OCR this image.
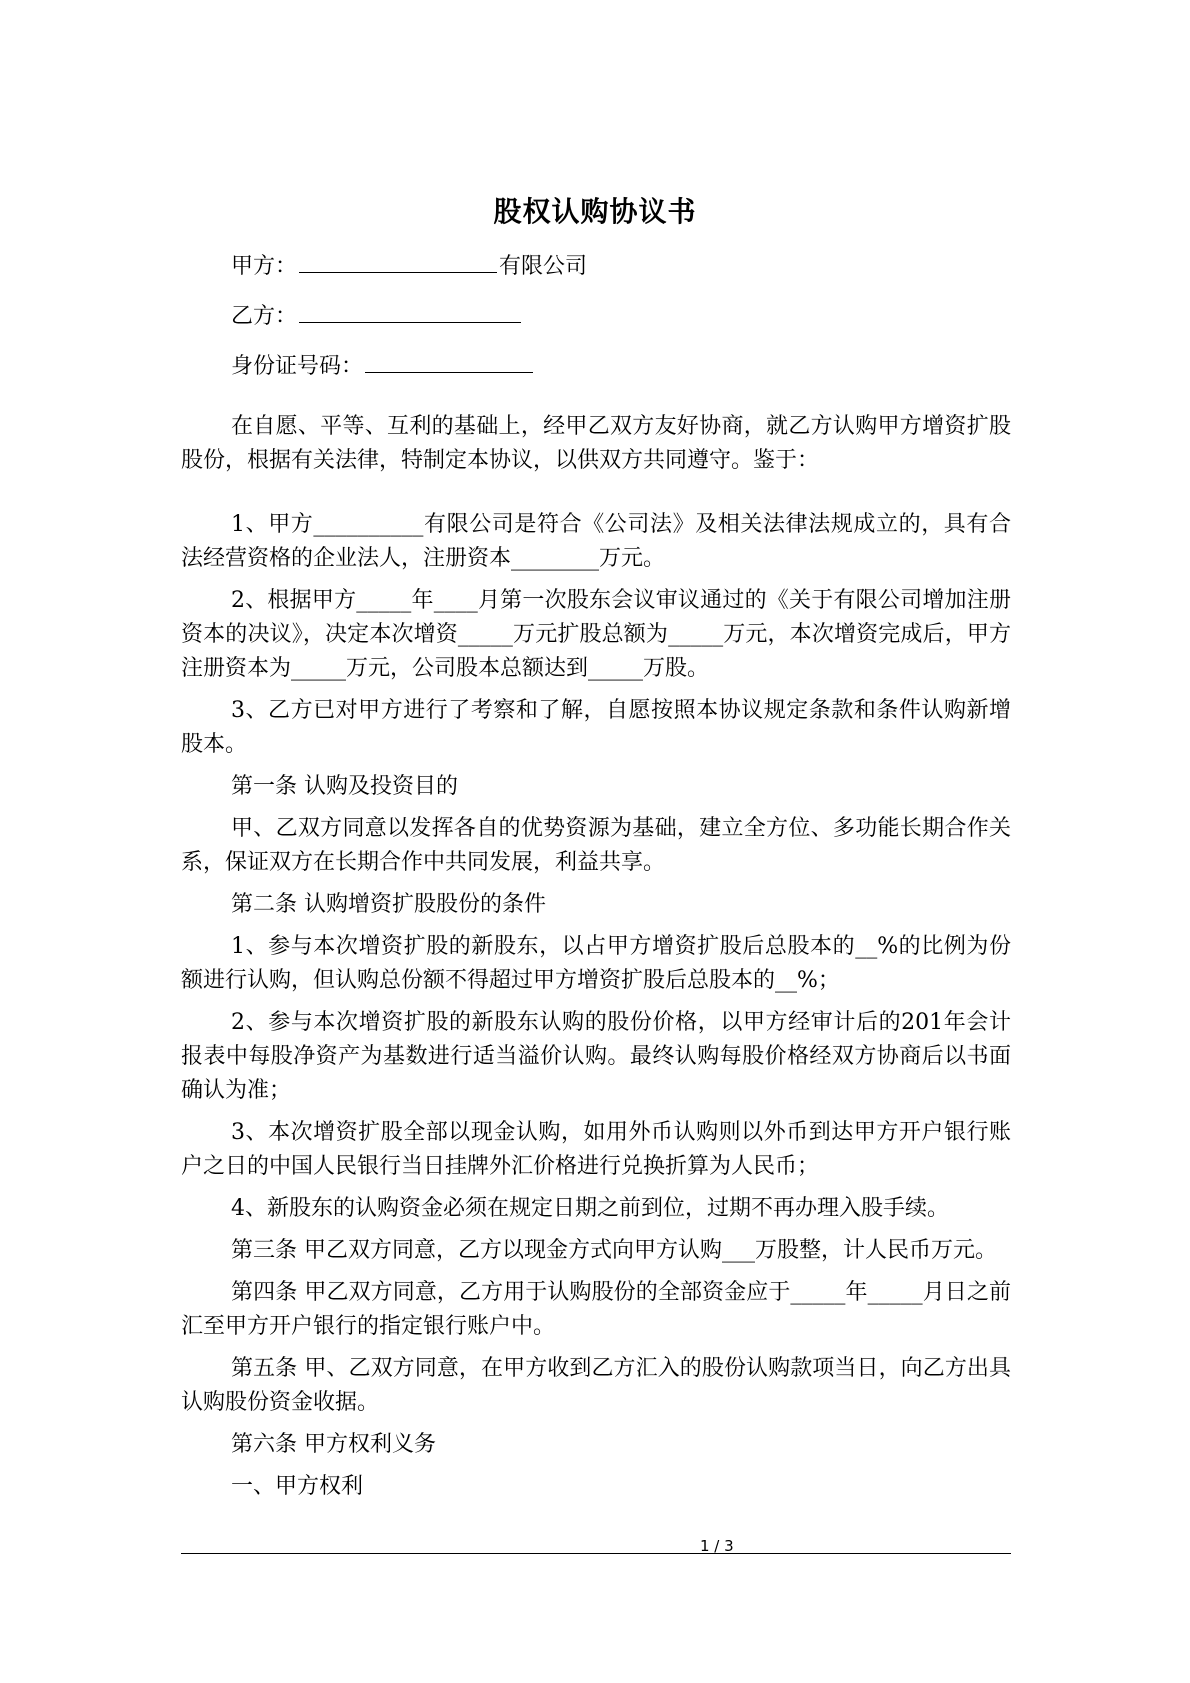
股权认购协议书
甲方：	有限公司
乙方：
身份证号码：

在自愿、平等、互利的基础上，经甲乙双方友好协商，就乙方认购甲方增资扩股股份，根据有关法律，特制定本协议，以供双方共同遵守。鉴于：

1、甲方__________有限公司是符合《公司法》及相关法律法规成立的，具有合法经营资格的企业法人，注册资本________万元。

2、根据甲方_____年____月第一次股东会议审议通过的《关于有限公司增加注册资本的决议》，决定本次增资_____万元扩股总额为_____万元，本次增资完成后，甲方注册资本为_____万元，公司股本总额达到_____万股。

3、乙方已对甲方进行了考察和了解，自愿按照本协议规定条款和条件认购新增股本。

第一条 认购及投资目的

甲、乙双方同意以发挥各自的优势资源为基础，建立全方位、多功能长期合作关系，保证双方在长期合作中共同发展，利益共享。

第二条 认购增资扩股股份的条件

1、参与本次增资扩股的新股东，以占甲方增资扩股后总股本的__%的比例为份额进行认购，但认购总份额不得超过甲方增资扩股后总股本的__%；

2、参与本次增资扩股的新股东认购的股份价格，以甲方经审计后的201年会计报表中每股净资产为基数进行适当溢价认购。最终认购每股价格经双方协商后以书面确认为准；

3、本次增资扩股全部以现金认购，如用外币认购则以外币到达甲方开户银行账户之日的中国人民银行当日挂牌外汇价格进行兑换折算为人民币；

4、新股东的认购资金必须在规定日期之前到位，过期不再办理入股手续。

第三条 甲乙双方同意，乙方以现金方式向甲方认购___万股整，计人民币万元。

第四条 甲乙双方同意，乙方用于认购股份的全部资金应于_____年_____月日之前汇至甲方开户银行的指定银行账户中。

第五条 甲、乙双方同意，在甲方收到乙方汇入的股份认购款项当日，向乙方出具认购股份资金收据。

第六条 甲方权利义务

一、甲方权利

1 / 3
